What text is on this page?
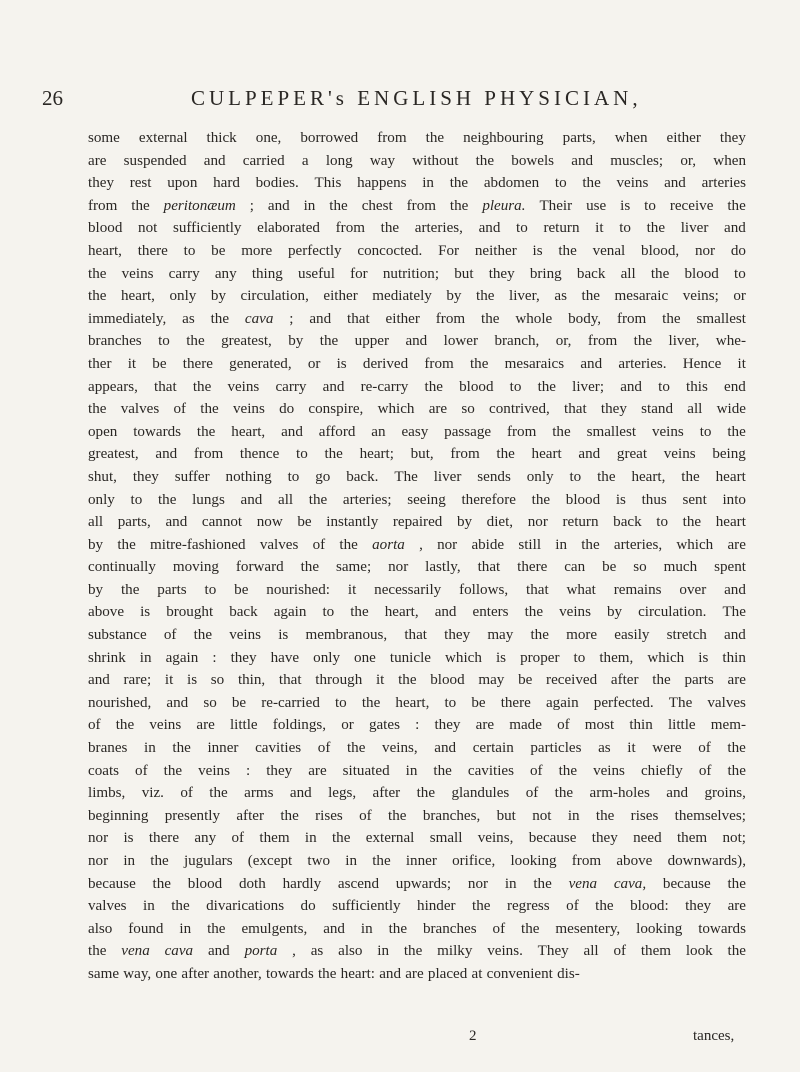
26	CULPEPER's ENGLISH PHYSICIAN,
some external thick one, borrowed from the neighbouring parts, when either they
are suspended and carried a long way without the bowels and muscles; or, when
they rest upon hard bodies. This happens in the abdomen to the veins and arteries
from the peritonæum ; and in the chest from the pleura. Their use is to receive the
blood not sufficiently elaborated from the arteries, and to return it to the liver and
heart, there to be more perfectly concocted. For neither is the venal blood, nor do
the veins carry any thing useful for nutrition; but they bring back all the blood to
the heart, only by circulation, either mediately by the liver, as the mesaraic veins; or
immediately, as the cava ; and that either from the whole body, from the smallest
branches to the greatest, by the upper and lower branch, or, from the liver, whe-
ther it be there generated, or is derived from the mesaraics and arteries. Hence it
appears, that the veins carry and re-carry the blood to the liver; and to this end
the valves of the veins do conspire, which are so contrived, that they stand all wide
open towards the heart, and afford an easy passage from the smallest veins to the
greatest, and from thence to the heart; but, from the heart and great veins being
shut, they suffer nothing to go back. The liver sends only to the heart, the heart
only to the lungs and all the arteries; seeing therefore the blood is thus sent into
all parts, and cannot now be instantly repaired by diet, nor return back to the heart
by the mitre-fashioned valves of the aorta , nor abide still in the arteries, which are
continually moving forward the same; nor lastly, that there can be so much spent
by the parts to be nourished: it necessarily follows, that what remains over and
above is brought back again to the heart, and enters the veins by circulation. The
substance of the veins is membranous, that they may the more easily stretch and
shrink in again : they have only one tunicle which is proper to them, which is thin
and rare; it is so thin, that through it the blood may be received after the parts are
nourished, and so be re-carried to the heart, to be there again perfected. The valves
of the veins are little foldings, or gates : they are made of most thin little mem-
branes in the inner cavities of the veins, and certain particles as it were of the
coats of the veins : they are situated in the cavities of the veins chiefly of the
limbs, viz. of the arms and legs, after the glandules of the arm-holes and groins,
beginning presently after the rises of the branches, but not in the rises themselves;
nor is there any of them in the external small veins, because they need them not;
nor in the jugulars (except two in the inner orifice, looking from above downwards),
because the blood doth hardly ascend upwards; nor in the vena cava, because the
valves in the divarications do sufficiently hinder the regress of the blood: they are
also found in the emulgents, and in the branches of the mesentery, looking towards
the vena cava and porta , as also in the milky veins. They all of them look the
same way, one after another, towards the heart: and are placed at convenient dis-
2	tances,
